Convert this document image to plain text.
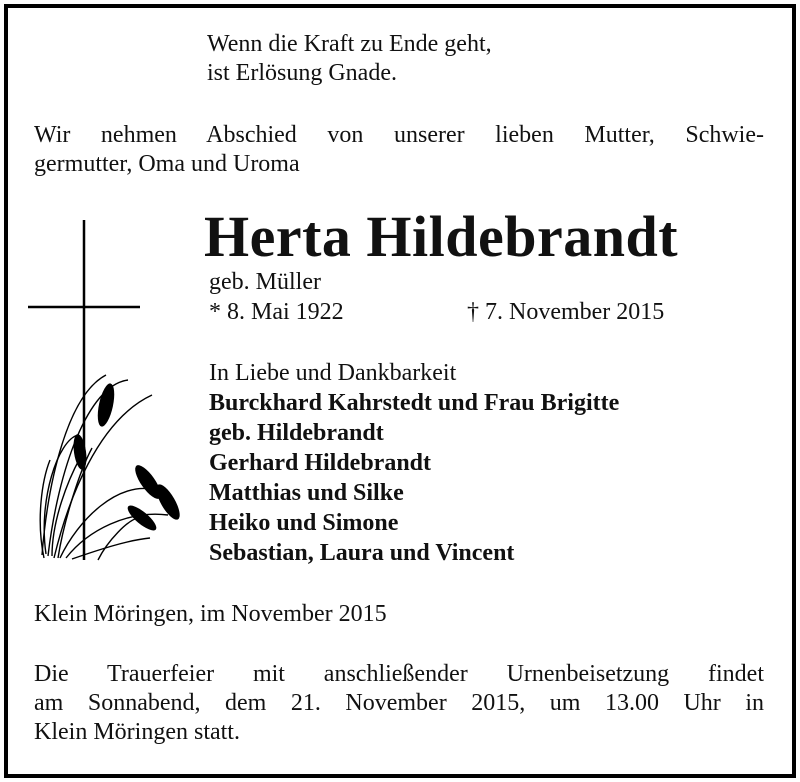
Wenn die Kraft zu Ende geht,
ist Erlösung Gnade.
Wir nehmen Abschied von unserer lieben Mutter, Schwie-
germutter, Oma und Uroma
Herta Hildebrandt
geb. Müller
* 8. Mai 1922	† 7. November 2015
In Liebe und Dankbarkeit
Burckhard Kahrstedt und Frau Brigitte
geb. Hildebrandt
Gerhard Hildebrandt
Matthias und Silke
Heiko und Simone
Sebastian, Laura und Vincent
Klein Möringen, im November 2015
Die Trauerfeier mit anschließender Urnenbeisetzung findet
am Sonnabend, dem 21. November 2015, um 13.00 Uhr in
Klein Möringen statt.
